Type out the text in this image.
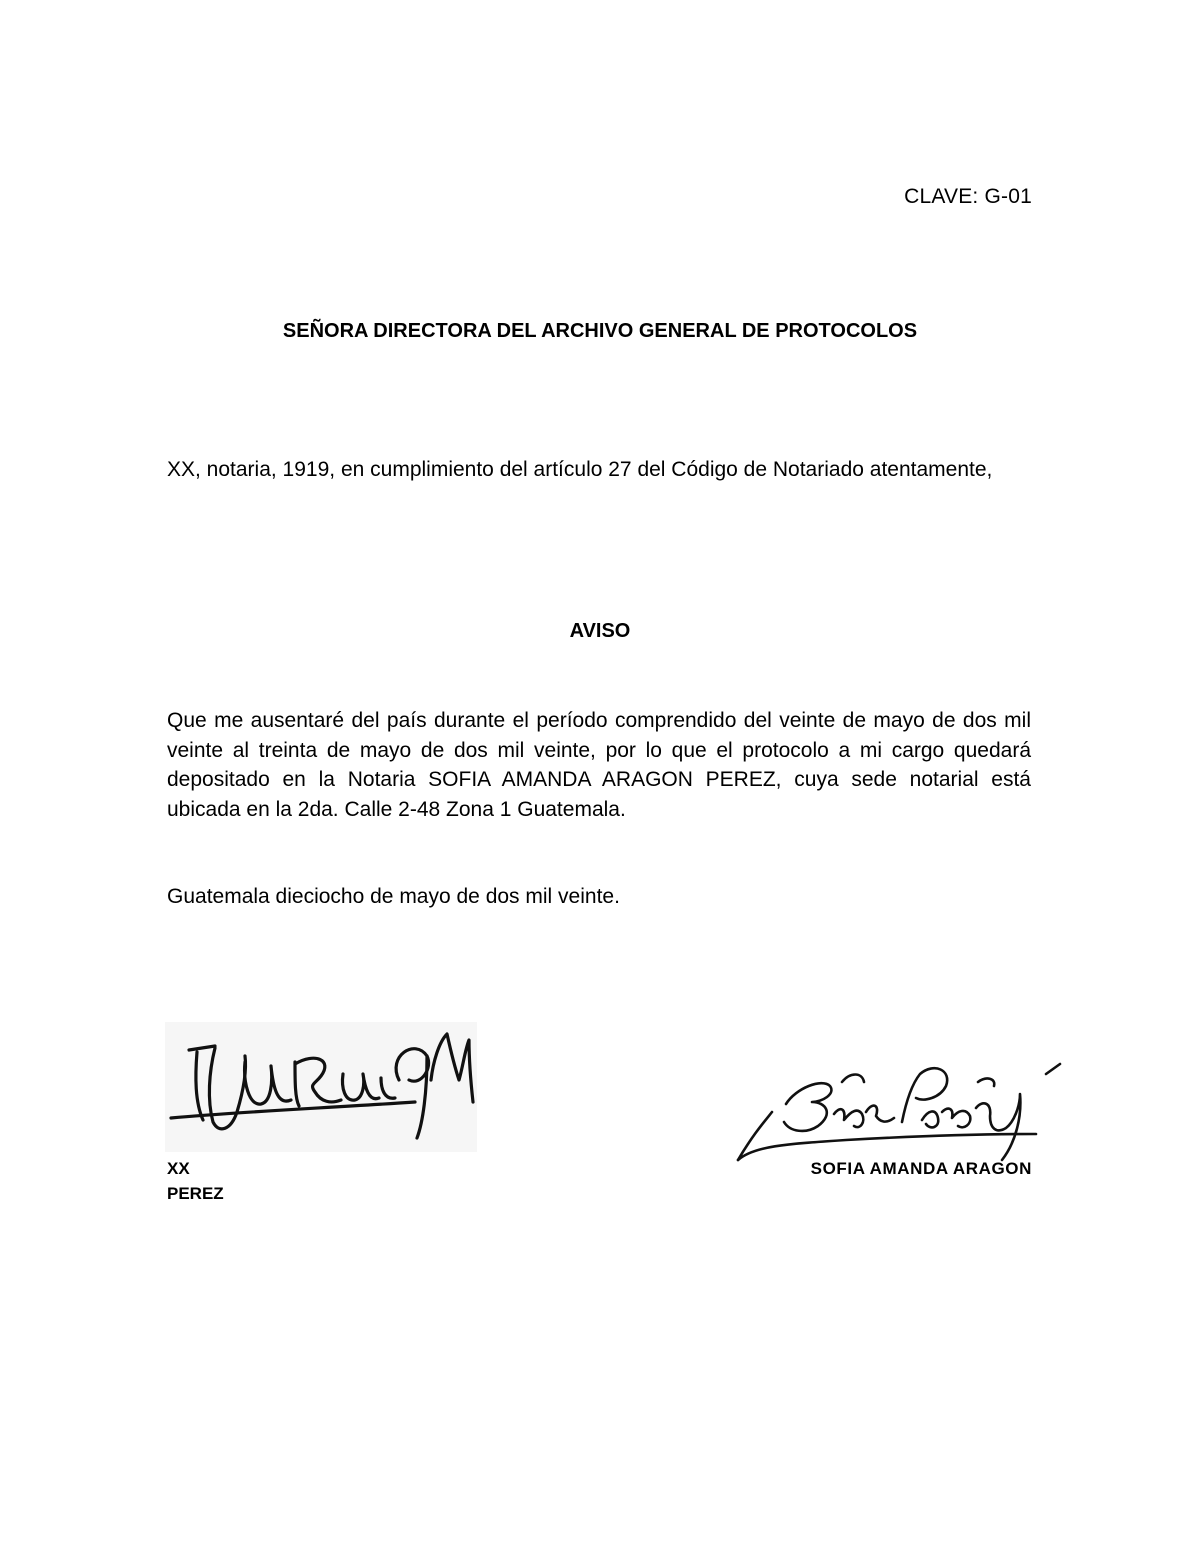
CLAVE: G-01
SEÑORA DIRECTORA DEL ARCHIVO GENERAL DE PROTOCOLOS
XX, notaria, 1919, en cumplimiento del artículo 27 del Código de Notariado atentamente,
AVISO
Que me ausentaré del país durante el período comprendido del veinte de mayo de dos mil veinte al treinta de mayo de dos mil veinte, por lo que el protocolo a mi cargo quedará depositado en la Notaria SOFIA AMANDA ARAGON PEREZ, cuya sede notarial está ubicada en la 2da. Calle 2-48 Zona 1 Guatemala.
Guatemala dieciocho de mayo de dos mil veinte.
XX
PEREZ
SOFIA AMANDA ARAGON
